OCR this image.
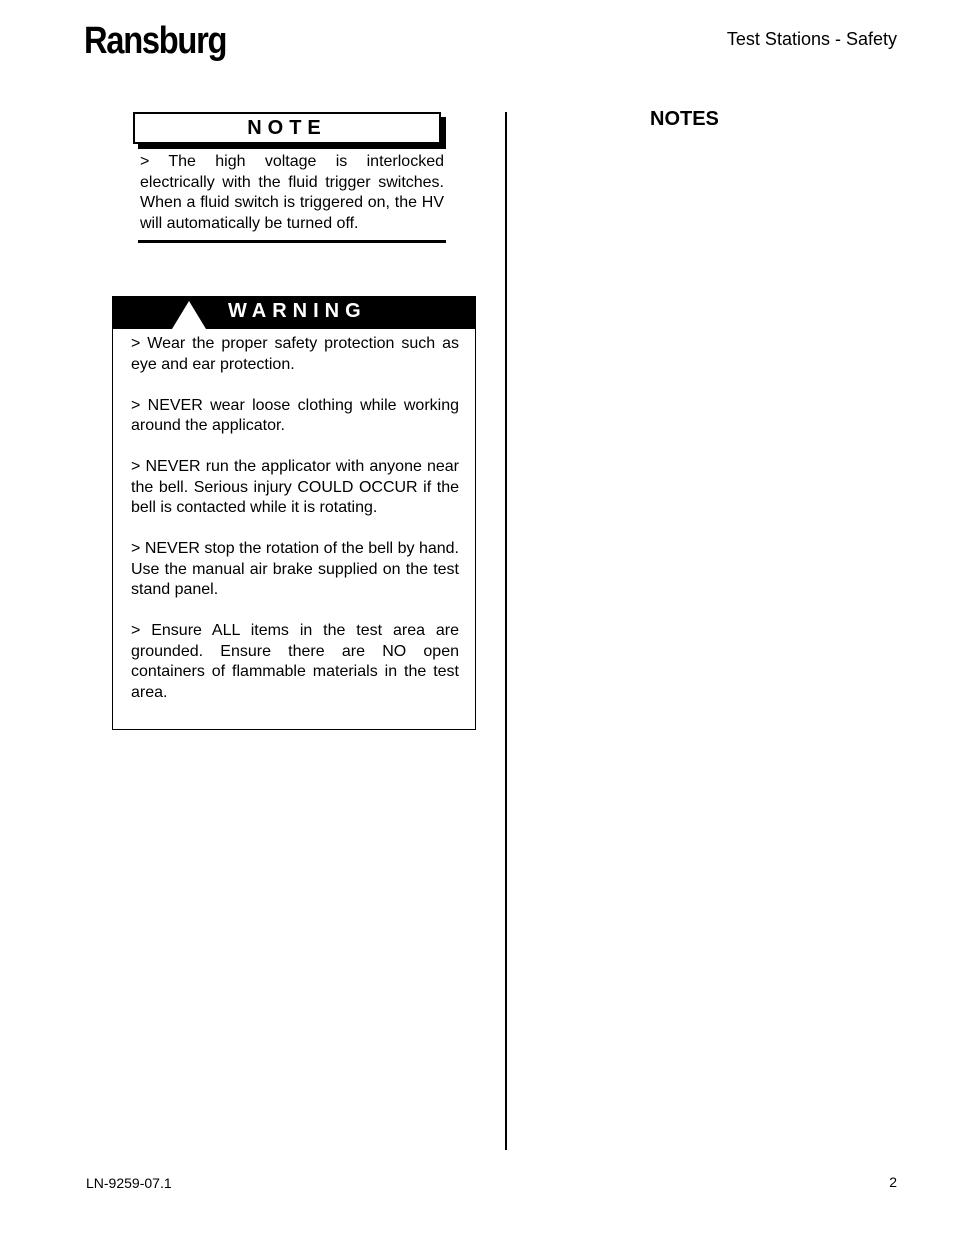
Ransburg	Test Stations - Safety
NOTE
> The high voltage is interlocked electrically with the fluid trigger switches. When a fluid switch is triggered on, the HV will automatically be turned off.
WARNING

> Wear the proper safety protection such as eye and ear protection.

> NEVER wear loose clothing while working around the applicator.

> NEVER run the applicator with anyone near the bell. Serious injury COULD OCCUR if the bell is contacted while it is rotating.

> NEVER stop the rotation of the bell by hand. Use the manual air brake supplied on the test stand panel.

> Ensure ALL items in the test area are grounded. Ensure there are NO open containers of flammable materials in the test area.

NOTES
LN-9259-07.1	2
